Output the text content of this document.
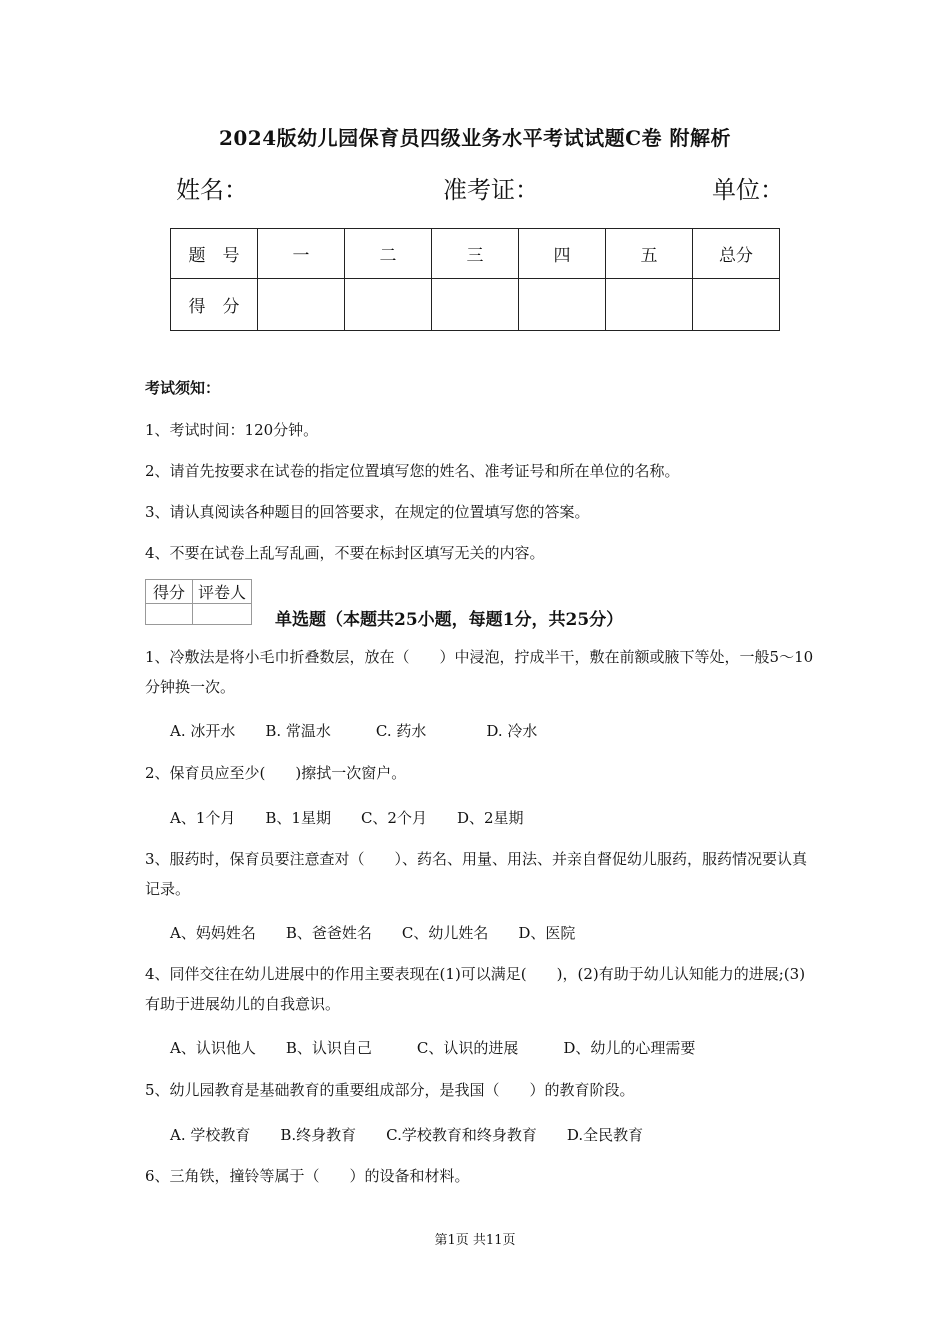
2024版幼儿园保育员四级业务水平考试试题C卷 附解析
姓名：	准考证：	单位：
题　号	一	二	三	四	五	总分
得　分						
考试须知：
1、考试时间：120分钟。
2、请首先按要求在试卷的指定位置填写您的姓名、准考证号和所在单位的名称。
3、请认真阅读各种题目的回答要求，在规定的位置填写您的答案。
4、不要在试卷上乱写乱画，不要在标封区填写无关的内容。
得分	评卷人

单选题（本题共25小题，每题1分，共25分）
1、冷敷法是将小毛巾折叠数层，放在（　　）中浸泡，拧成半干，敷在前额或腋下等处，一般5～10分钟换一次。
A. 冰开水　　B. 常温水　　　C. 药水　　　　D. 冷水
2、保育员应至少(　　)擦拭一次窗户。
A、1个月　　B、1星期　　C、2个月　　D、2星期
3、服药时，保育员要注意查对（　　）、药名、用量、用法、并亲自督促幼儿服药，服药情况要认真记录。
A、妈妈姓名　　B、爸爸姓名　　C、幼儿姓名　　D、医院
4、同伴交往在幼儿进展中的作用主要表现在(1)可以满足(　　)，(2)有助于幼儿认知能力的进展;(3)有助于进展幼儿的自我意识。
A、认识他人　　B、认识自己　　　C、认识的进展　　　D、幼儿的心理需要
5、幼儿园教育是基础教育的重要组成部分，是我国（　　）的教育阶段。
A. 学校教育　　B.终身教育　　C.学校教育和终身教育　　D.全民教育
6、三角铁，撞铃等属于（　　）的设备和材料。
第1页 共11页
